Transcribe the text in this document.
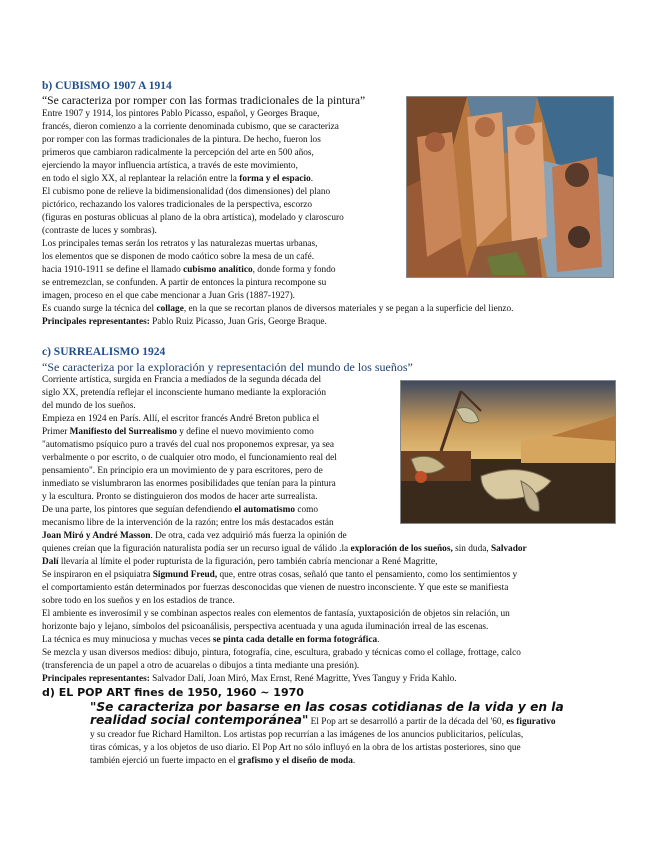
b) CUBISMO 1907 A 1914
“Se caracteriza por romper con las formas tradicionales de la pintura”
Entre 1907 y 1914, los pintores Pablo Picasso, español, y Georges Braque,
francés, dieron comienzo a la corriente denominada cubismo, que se caracteriza
por romper con las formas tradicionales de la pintura. De hecho, fueron los
primeros que cambiaron radicalmente la percepción del arte en 500 años,
ejerciendo la mayor influencia artística, a través de este movimiento,
en todo el siglo XX, al replantear la relación entre la forma y el espacio.
El cubismo pone de relieve la bidimensionalidad (dos dimensiones) del plano
pictórico, rechazando los valores tradicionales de la perspectiva, escorzo
(figuras en posturas oblicuas al plano de la obra artística), modelado y claroscuro
(contraste de luces y sombras).
Los principales temas serán los retratos y las naturalezas muertas urbanas,
los elementos que se disponen de modo caótico sobre la mesa de un café.
hacia 1910-1911 se define el llamado cubismo analítico, donde forma y fondo
se entremezclan, se confunden. A partir de entonces la pintura recompone su
imagen, proceso en el que cabe mencionar a Juan Gris (1887-1927).
Es cuando surge la técnica del collage, en la que se recortan planos de diversos materiales y se pegan a la superficie del lienzo.
Principales representantes: Pablo Ruiz Picasso, Juan Gris, George Braque.
c) SURREALISMO 1924
“Se caracteriza por la exploración y representación del mundo de los sueños”
Corriente artística, surgida en Francia a mediados de la segunda década del
siglo XX, pretendía reflejar el inconsciente humano mediante la exploración
del mundo de los sueños.
Empieza en 1924 en París. Allí, el escritor francés André Breton publica el
Primer Manifiesto del Surrealismo y define el nuevo movimiento como
"automatismo psíquico puro a través del cual nos proponemos expresar, ya sea
verbalmente o por escrito, o de cualquier otro modo, el funcionamiento real del
pensamiento". En principio era un movimiento de y para escritores, pero de
inmediato se vislumbraron las enormes posibilidades que tenían para la pintura
y la escultura. Pronto se distinguieron dos modos de hacer arte surrealista.
De una parte, los pintores que seguían defendiendo el automatismo como
mecanismo libre de la intervención de la razón; entre los más destacados están
Joan Miró y André Masson. De otra, cada vez adquirió más fuerza la opinión de
quienes creían que la figuración naturalista podía ser un recurso igual de válido .la exploración de los sueños, sin duda, Salvador
Dalí llevaría al límite el poder rupturista de la figuración, pero también cabría mencionar a René Magritte,
Se inspiraron en el psiquiatra Sigmund Freud, que, entre otras cosas, señaló que tanto el pensamiento, como los sentimientos y
el comportamiento están determinados por fuerzas desconocidas que vienen de nuestro inconsciente. Y que este se manifiesta
sobre todo en los sueños y en los estadios de trance.
El ambiente es inverosímil y se combinan aspectos reales con elementos de fantasía, yuxtaposición de objetos sin relación, un
horizonte bajo y lejano, símbolos del psicoanálisis, perspectiva acentuada y una aguda iluminación irreal de las escenas.
La técnica es muy minuciosa y muchas veces se pinta cada detalle en forma fotográfica.
Se mezcla y usan diversos medios: dibujo, pintura, fotografía, cine, escultura, grabado y técnicas como el collage, frottage, calco
(transferencia de un papel a otro de acuarelas o dibujos a tinta mediante una presión).
Principales representantes: Salvador Dalí, Joan Miró, Max Ernst, René Magritte, Yves Tanguy y Frida Kahlo.
d) EL POP ART fines de 1950, 1960 ~ 1970
"Se caracteriza por basarse en las cosas cotidianas de la vida y en la
realidad social contemporánea" El Pop art se desarrolló a partir de la década del '60, es figurativo
y su creador fue Richard Hamilton. Los artistas pop recurrían a las imágenes de los anuncios publicitarios, películas,
tiras cómicas, y a los objetos de uso diario. El Pop Art no sólo influyó en la obra de los artistas posteriores, sino que
también ejerció un fuerte impacto en el grafismo y el diseño de moda.
